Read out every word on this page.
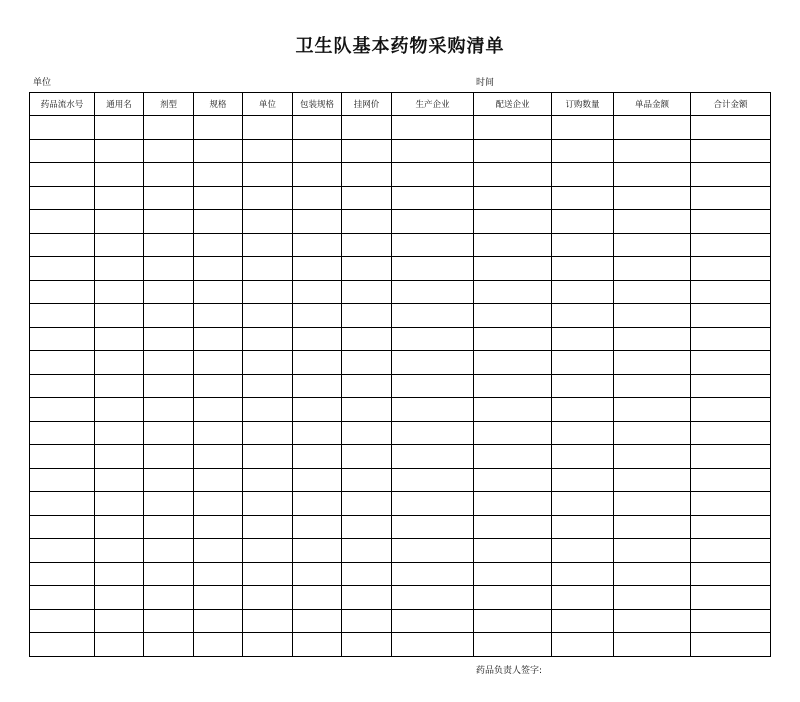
卫生队基本药物采购清单
单位	时间
药品流水号	通用名	剂型	规格	单位	包装规格	挂网价	生产企业	配送企业	订购数量	单品金额	合计金额

药品负责人签字:
